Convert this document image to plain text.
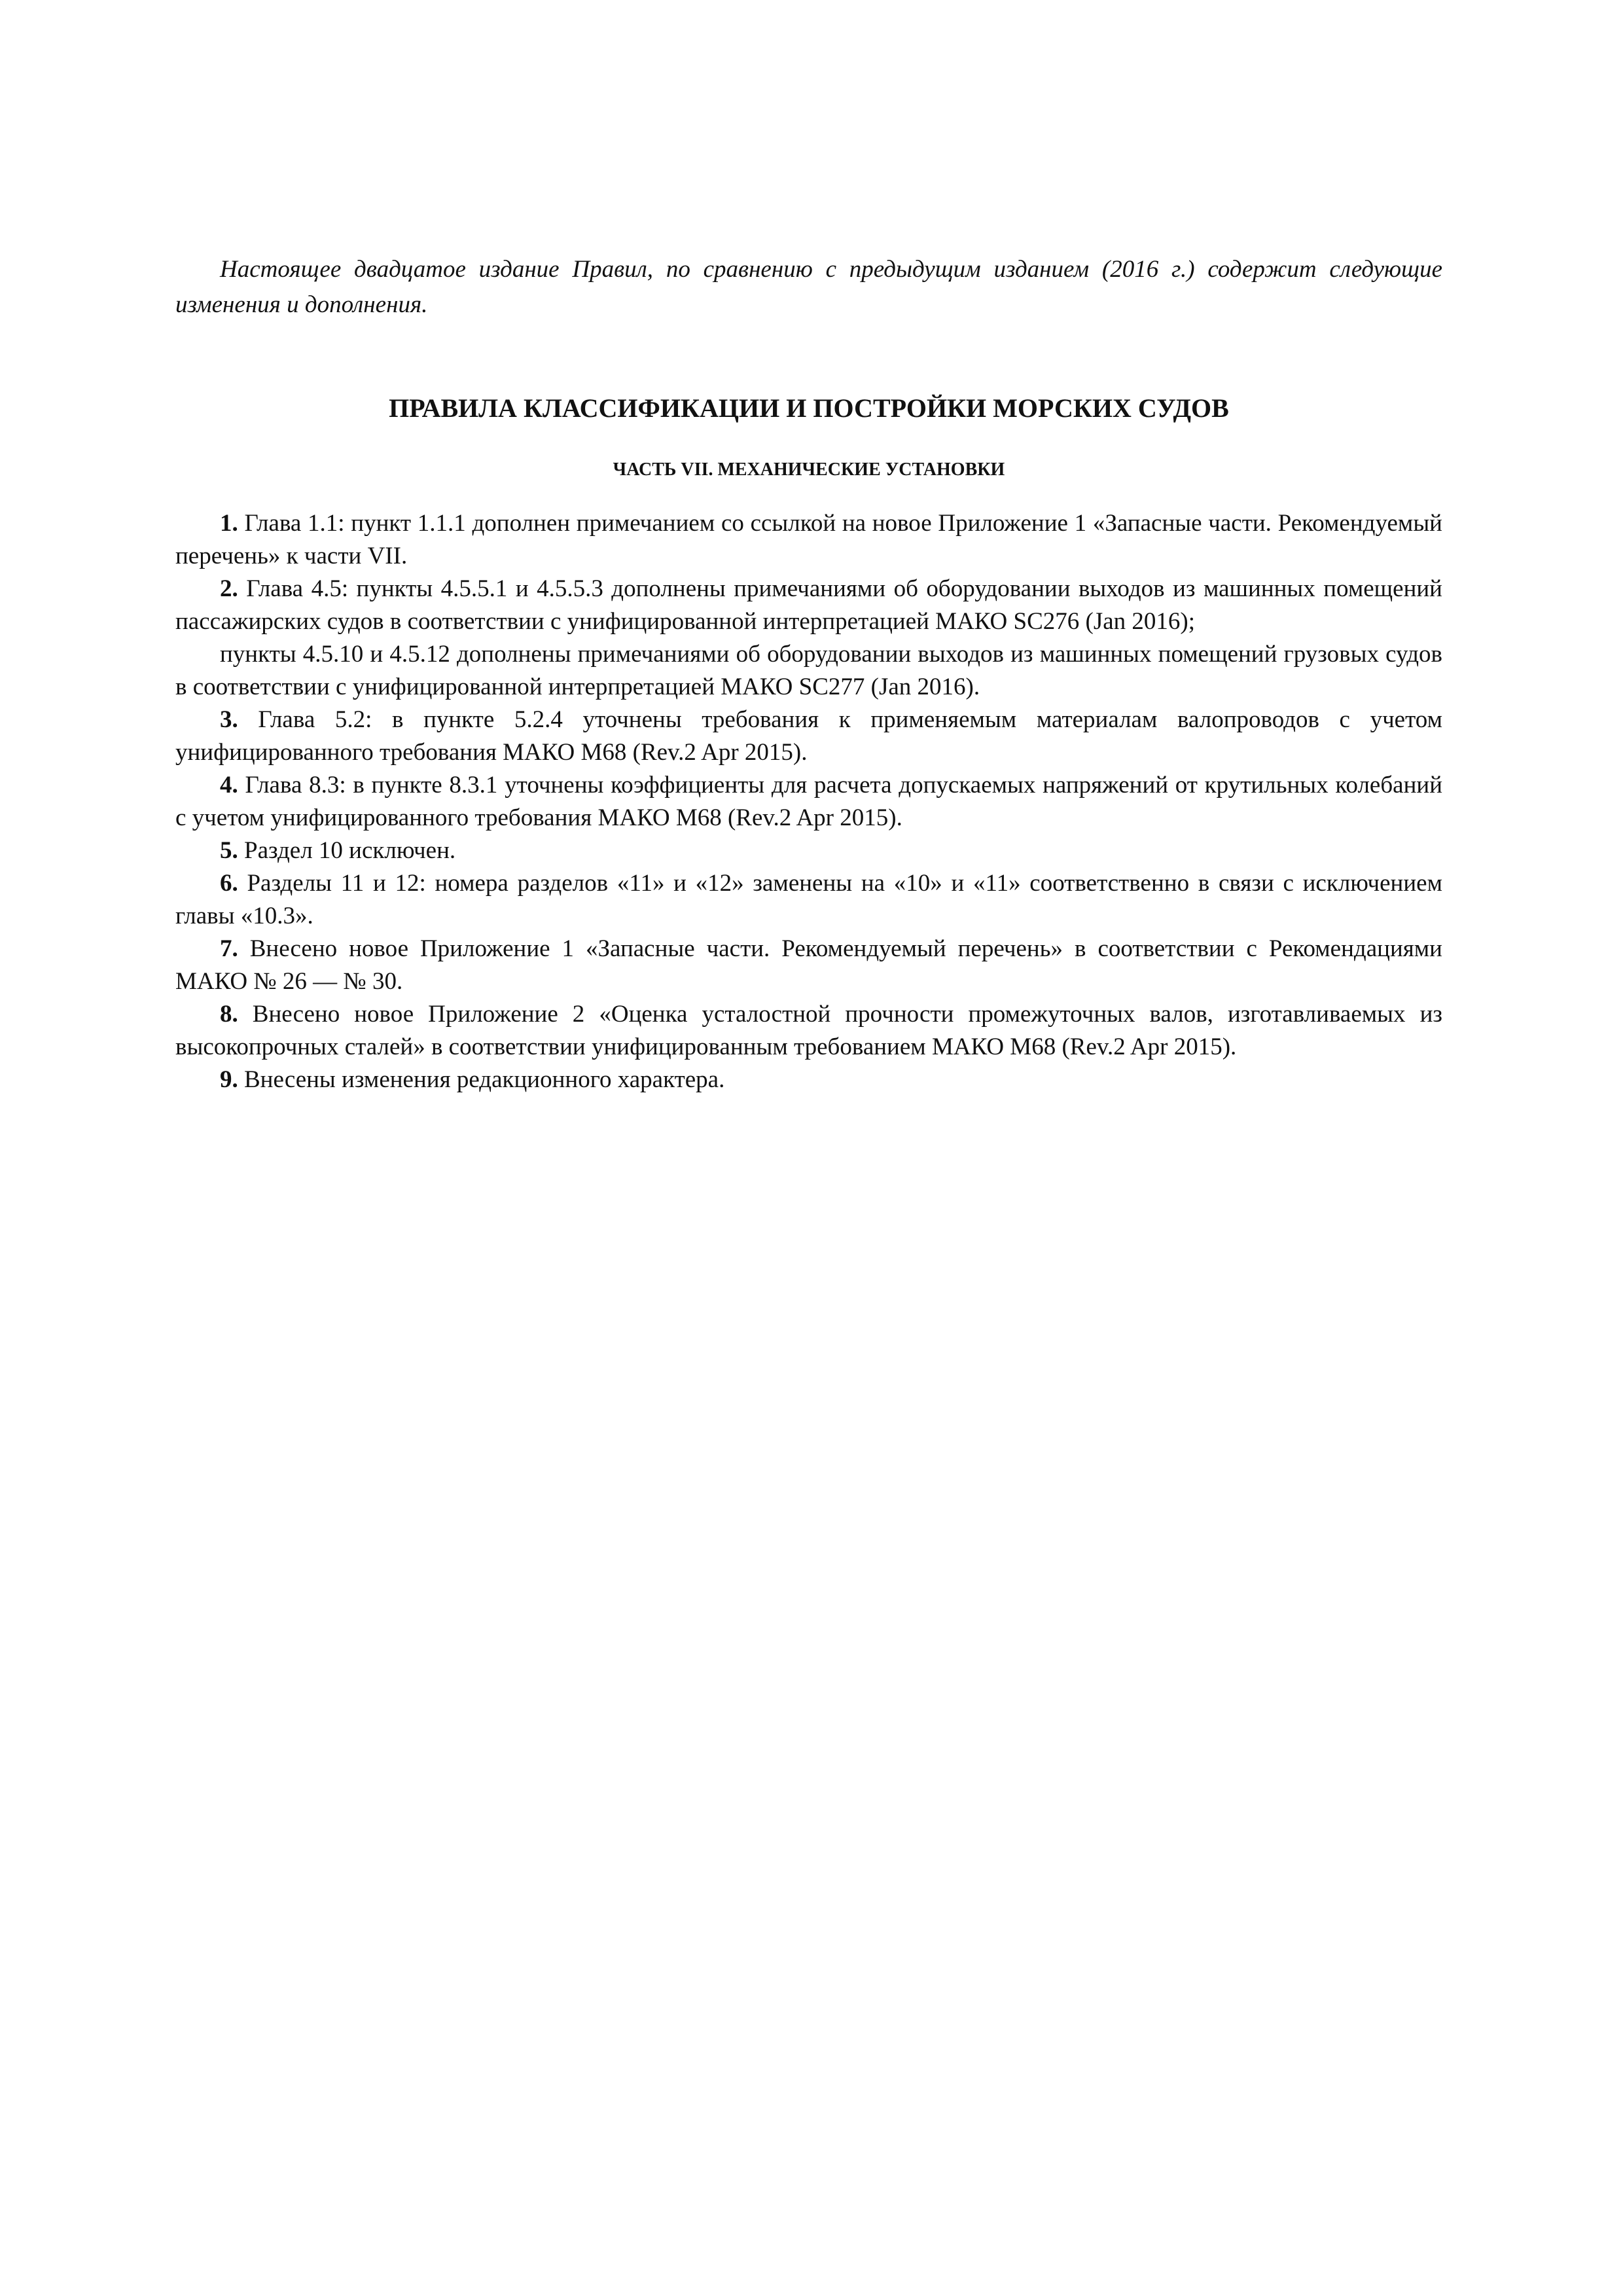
Настоящее двадцатое издание Правил, по сравнению с предыдущим изданием (2016 г.) содержит следующие изменения и дополнения.

ПРАВИЛА КЛАССИФИКАЦИИ И ПОСТРОЙКИ МОРСКИХ СУДОВ
ЧАСТЬ VII. МЕХАНИЧЕСКИЕ УСТАНОВКИ

1. Глава 1.1: пункт 1.1.1 дополнен примечанием со ссылкой на новое Приложение 1 «Запасные части. Рекомендуемый перечень» к части VII.

2. Глава 4.5: пункты 4.5.5.1 и 4.5.5.3 дополнены примечаниями об оборудовании выходов из машинных помещений пассажирских судов в соответствии с унифицированной интерпретацией МАКО SC276 (Jan 2016);

пункты 4.5.10 и 4.5.12 дополнены примечаниями об оборудовании выходов из машинных помещений грузовых судов в соответствии с унифицированной интерпретацией МАКО SC277 (Jan 2016).

3. Глава 5.2: в пункте 5.2.4 уточнены требования к применяемым материалам валопроводов с учетом унифицированного требования МАКО М68 (Rev.2 Apr 2015).

4. Глава 8.3: в пункте 8.3.1 уточнены коэффициенты для расчета допускаемых напряжений от крутильных колебаний с учетом унифицированного требования МАКО М68 (Rev.2 Apr 2015).

5. Раздел 10 исключен.

6. Разделы 11 и 12: номера разделов «11» и «12» заменены на «10» и «11» соответственно в связи с исключением главы «10.3».

7. Внесено новое Приложение 1 «Запасные части. Рекомендуемый перечень» в соответствии с Рекомендациями МАКО № 26 — № 30.

8. Внесено новое Приложение 2 «Оценка усталостной прочности промежуточных валов, изготавливаемых из высокопрочных сталей» в соответствии унифицированным требованием МАКО М68 (Rev.2 Apr 2015).

9. Внесены изменения редакционного характера.
